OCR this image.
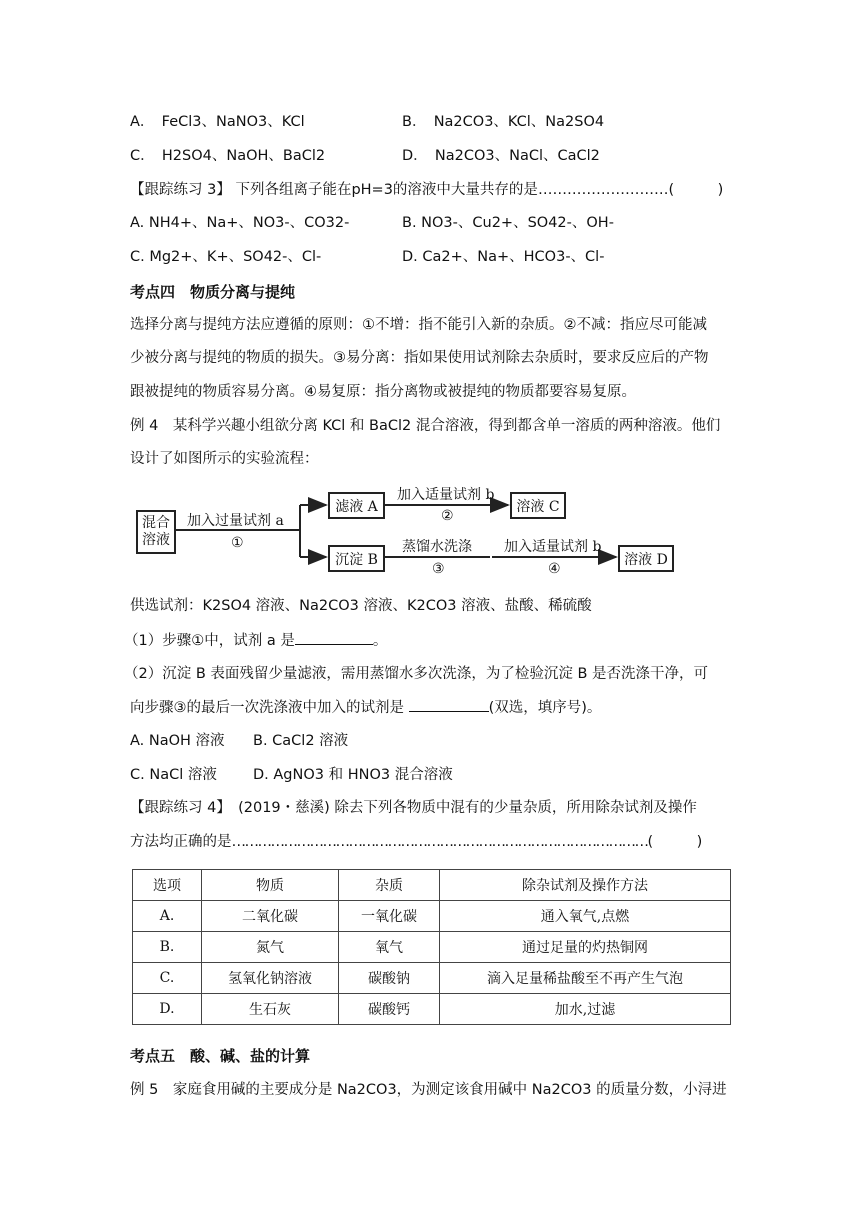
A．　FeCl3、NaNO3、KCl	B．　Na2CO3、KCl、Na2SO4
C．　H2SO4、NaOH、BaCl2	D．　Na2CO3、NaCl、CaCl2
【跟踪练习 3】 下列各组离子能在pH=3的溶液中大量共存的是………………………(　　　)
A. NH4+、Na+、NO3-、CO32-	B. NO3-、Cu2+、SO42-、OH-
C. Mg2+、K+、SO42-、Cl-	D. Ca2+、Na+、HCO3-、Cl-
考点四　物质分离与提纯
选择分离与提纯方法应遵循的原则：①不增：指不能引入新的杂质。②不减：指应尽可能减
少被分离与提纯的物质的损失。③易分离：指如果使用试剂除去杂质时，要求反应后的产物
跟被提纯的物质容易分离。④易复原：指分离物或被提纯的物质都要容易复原。
例 4　某科学兴趣小组欲分离 KCl 和 BaCl2 混合溶液，得到都含单一溶质的两种溶液。他们
设计了如图所示的实验流程：
混合
溶液
加入过量试剂 a
①
滤液 A
加入适量试剂 b
②
溶液 C
沉淀 B
蒸馏水洗涤
③
加入适量试剂 b
④
溶液 D
供选试剂：K2SO4 溶液、Na2CO3 溶液、K2CO3 溶液、盐酸、稀硫酸
（1）步骤①中，试剂 a 是	。
（2）沉淀 B 表面残留少量滤液，需用蒸馏水多次洗涤，为了检验沉淀 B 是否洗涤干净，可
向步骤③的最后一次洗涤液中加入的试剂是	(双选，填序号)。
A. NaOH 溶液 B. CaCl2 溶液
C. NaCl 溶液 D. AgNO3 和 HNO3 混合溶液
【跟踪练习 4】　(2019・慈溪) 除去下列各物质中混有的少量杂质，所用除杂试剂及操作
方法均正确的是……………………………………………………………………………………(　　　)
选项	物质	杂质	除杂试剂及操作方法
A.	二氧化碳	一氧化碳	通入氧气,点燃
B.	氮气	氧气	通过足量的灼热铜网
C.	氢氧化钠溶液	碳酸钠	滴入足量稀盐酸至不再产生气泡
D.	生石灰	碳酸钙	加水,过滤
考点五　酸、碱、盐的计算
例 5　家庭食用碱的主要成分是 Na2CO3，为测定该食用碱中 Na2CO3 的质量分数，小浔进
